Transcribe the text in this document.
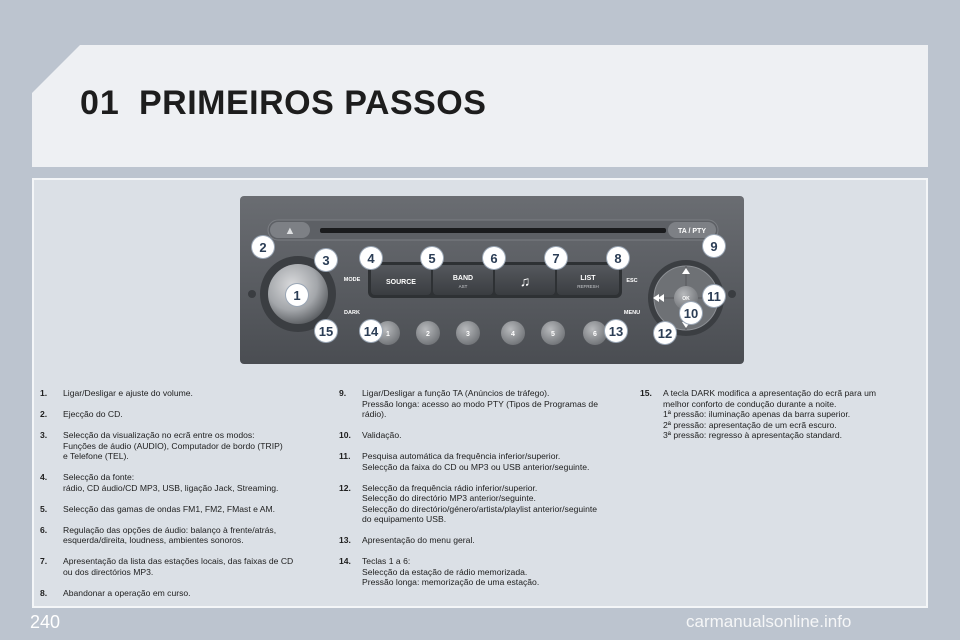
01 PRIMEIROS PASSOS
▲	TA / PTY
MODE
DARK
SOURCE
BAND
AST	♫	LIST
REFRESH
ESC
MENU
OK
1	2	3	4	5	6
1
2
3	4	5	6	7	8
9
10
11
12
13
14
15
1. Ligar/Desligar e ajuste do volume.
2. Ejecção do CD.
3. Selecção da visualização no ecrã entre os modos:
Funções de áudio (AUDIO), Computador de bordo (TRIP)
e Telefone (TEL).
4. Selecção da fonte:
rádio, CD áudio/CD MP3, USB, ligação Jack, Streaming.
5. Selecção das gamas de ondas FM1, FM2, FMast e AM.
6. Regulação das opções de áudio: balanço à frente/atrás,
esquerda/direita, loudness, ambientes sonoros.
7. Apresentação da lista das estações locais, das faixas de CD
ou dos directórios MP3.
8. Abandonar a operação em curso.
9. Ligar/Desligar a função TA (Anúncios de tráfego).
Pressão longa: acesso ao modo PTY (Tipos de Programas de
rádio).
10. Validação.
11. Pesquisa automática da frequência inferior/superior.
Selecção da faixa do CD ou MP3 ou USB anterior/seguinte.
12. Selecção da frequência rádio inferior/superior.
Selecção do directório MP3 anterior/seguinte.
Selecção do directório/género/artista/playlist anterior/seguinte
do equipamento USB.
13. Apresentação do menu geral.
14. Teclas 1 a 6:
Selecção da estação de rádio memorizada.
Pressão longa: memorização de uma estação.
15. A tecla DARK modifica a apresentação do ecrã para um
melhor conforto de condução durante a noite.
1ª pressão: iluminação apenas da barra superior.
2ª pressão: apresentação de um ecrã escuro.
3ª pressão: regresso à apresentação standard.
240	carmanualsonline.info
